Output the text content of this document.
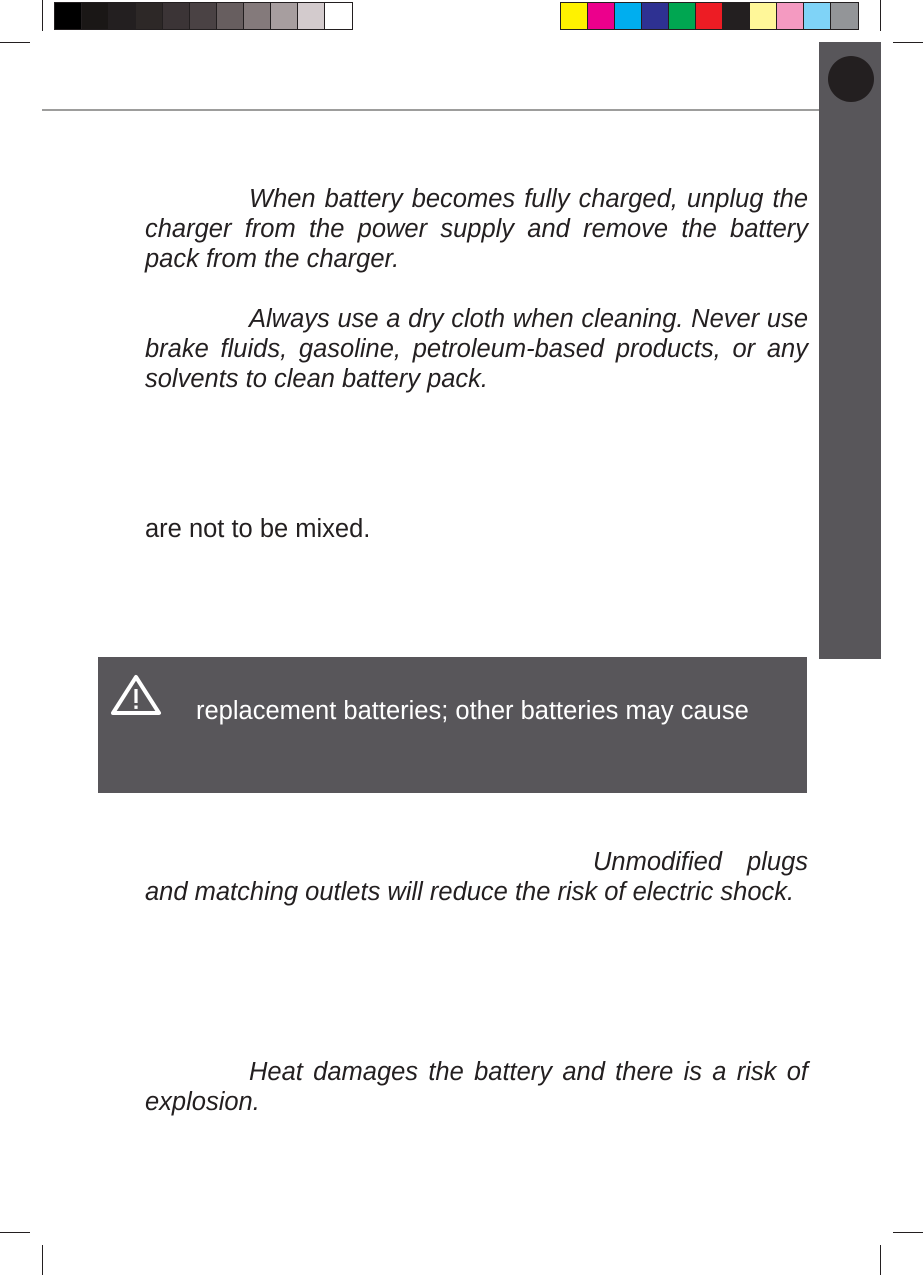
When battery becomes fully charged, unplug the charger from the power supply and remove the battery pack from the charger.

Always use a dry cloth when cleaning. Never use brake fluids, gasoline, petroleum-based products, or any solvents to clean battery pack.

are not to be mixed.

replacement batteries; other batteries may cause

Unmodified plugs and matching outlets will reduce the risk of electric shock.

Heat damages the battery and there is a risk of explosion.
